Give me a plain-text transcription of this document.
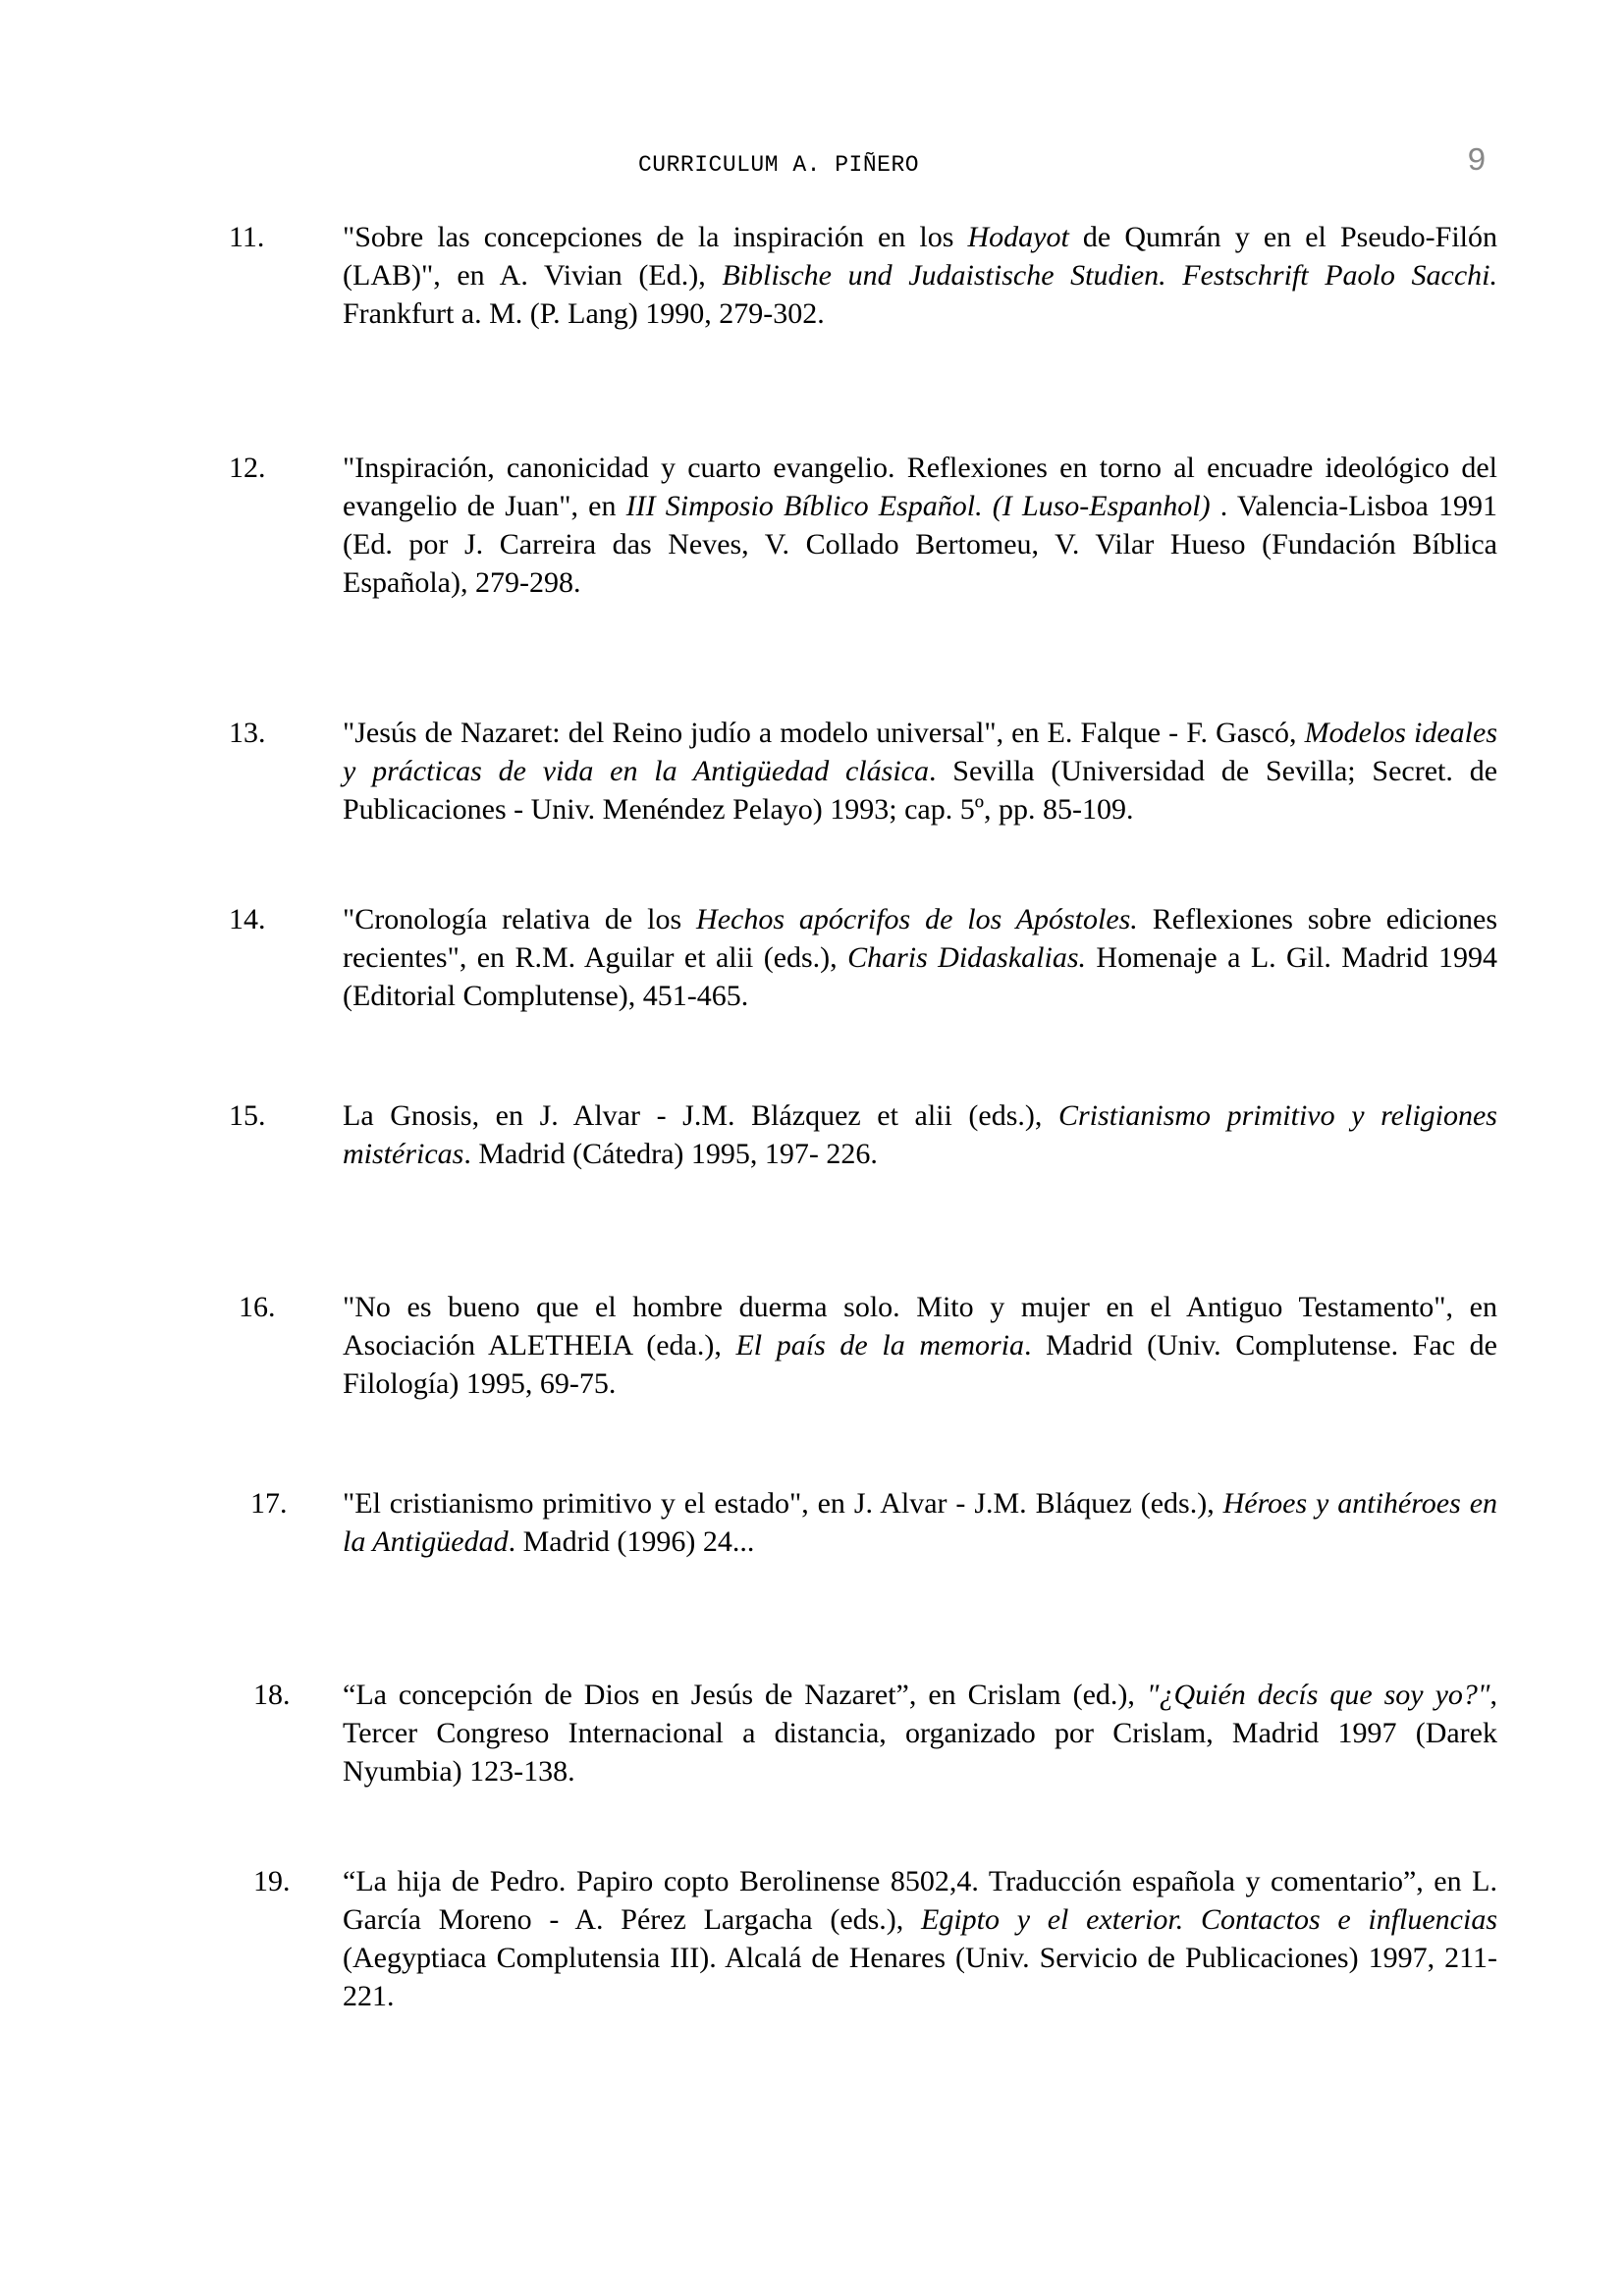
CURRICULUM A. PIÑERO	9
11.	"Sobre las concepciones de la inspiración en los Hodayot de Qumrán y en el Pseudo-Filón (LAB)", en A. Vivian (Ed.), Biblische und Judaistische Studien. Festschrift Paolo Sacchi. Frankfurt a. M. (P. Lang) 1990, 279-302.
12.	"Inspiración, canonicidad y cuarto evangelio. Reflexiones en torno al encuadre ideológico del evangelio de Juan", en III Simposio Bíblico Español. (I Luso-Espanhol) . Valencia-Lisboa 1991 (Ed. por J. Carreira das Neves, V. Collado Bertomeu, V. Vilar Hueso (Fundación Bíblica Española), 279-298.
13.	"Jesús de Nazaret: del Reino judío a modelo universal", en E. Falque - F. Gascó, Modelos ideales y prácticas de vida en la Antigüedad clásica. Sevilla (Universidad de Sevilla; Secret. de Publicaciones - Univ. Menéndez Pelayo) 1993; cap. 5º, pp. 85-109.
14.	"Cronología relativa de los Hechos apócrifos de los Apóstoles. Reflexiones sobre ediciones recientes", en R.M. Aguilar et alii (eds.), Charis Didaskalias. Homenaje a L. Gil. Madrid 1994 (Editorial Complutense), 451-465.
15.	La Gnosis, en J. Alvar - J.M. Blázquez et alii (eds.), Cristianismo primitivo y religiones mistéricas. Madrid (Cátedra) 1995, 197- 226.
16.	"No es bueno que el hombre duerma solo. Mito y mujer en el Antiguo Testamento", en Asociación ALETHEIA (eda.), El país de la memoria. Madrid (Univ. Complutense. Fac de Filología) 1995, 69-75.
17.	"El cristianismo primitivo y el estado", en J. Alvar - J.M. Bláquez (eds.), Héroes y antihéroes en la Antigüedad. Madrid (1996) 24...
18.	“La concepción de Dios en Jesús de Nazaret”, en Crislam (ed.), "¿Quién decís que soy yo?", Tercer Congreso Internacional a distancia, organizado por Crislam, Madrid 1997 (Darek Nyumbia) 123-138.
19.	“La hija de Pedro. Papiro copto Berolinense 8502,4. Traducción española y comentario”, en L. García Moreno - A. Pérez Largacha (eds.), Egipto y el exterior. Contactos e influencias (Aegyptiaca Complutensia III). Alcalá de Henares (Univ. Servicio de Publicaciones) 1997, 211-221.
